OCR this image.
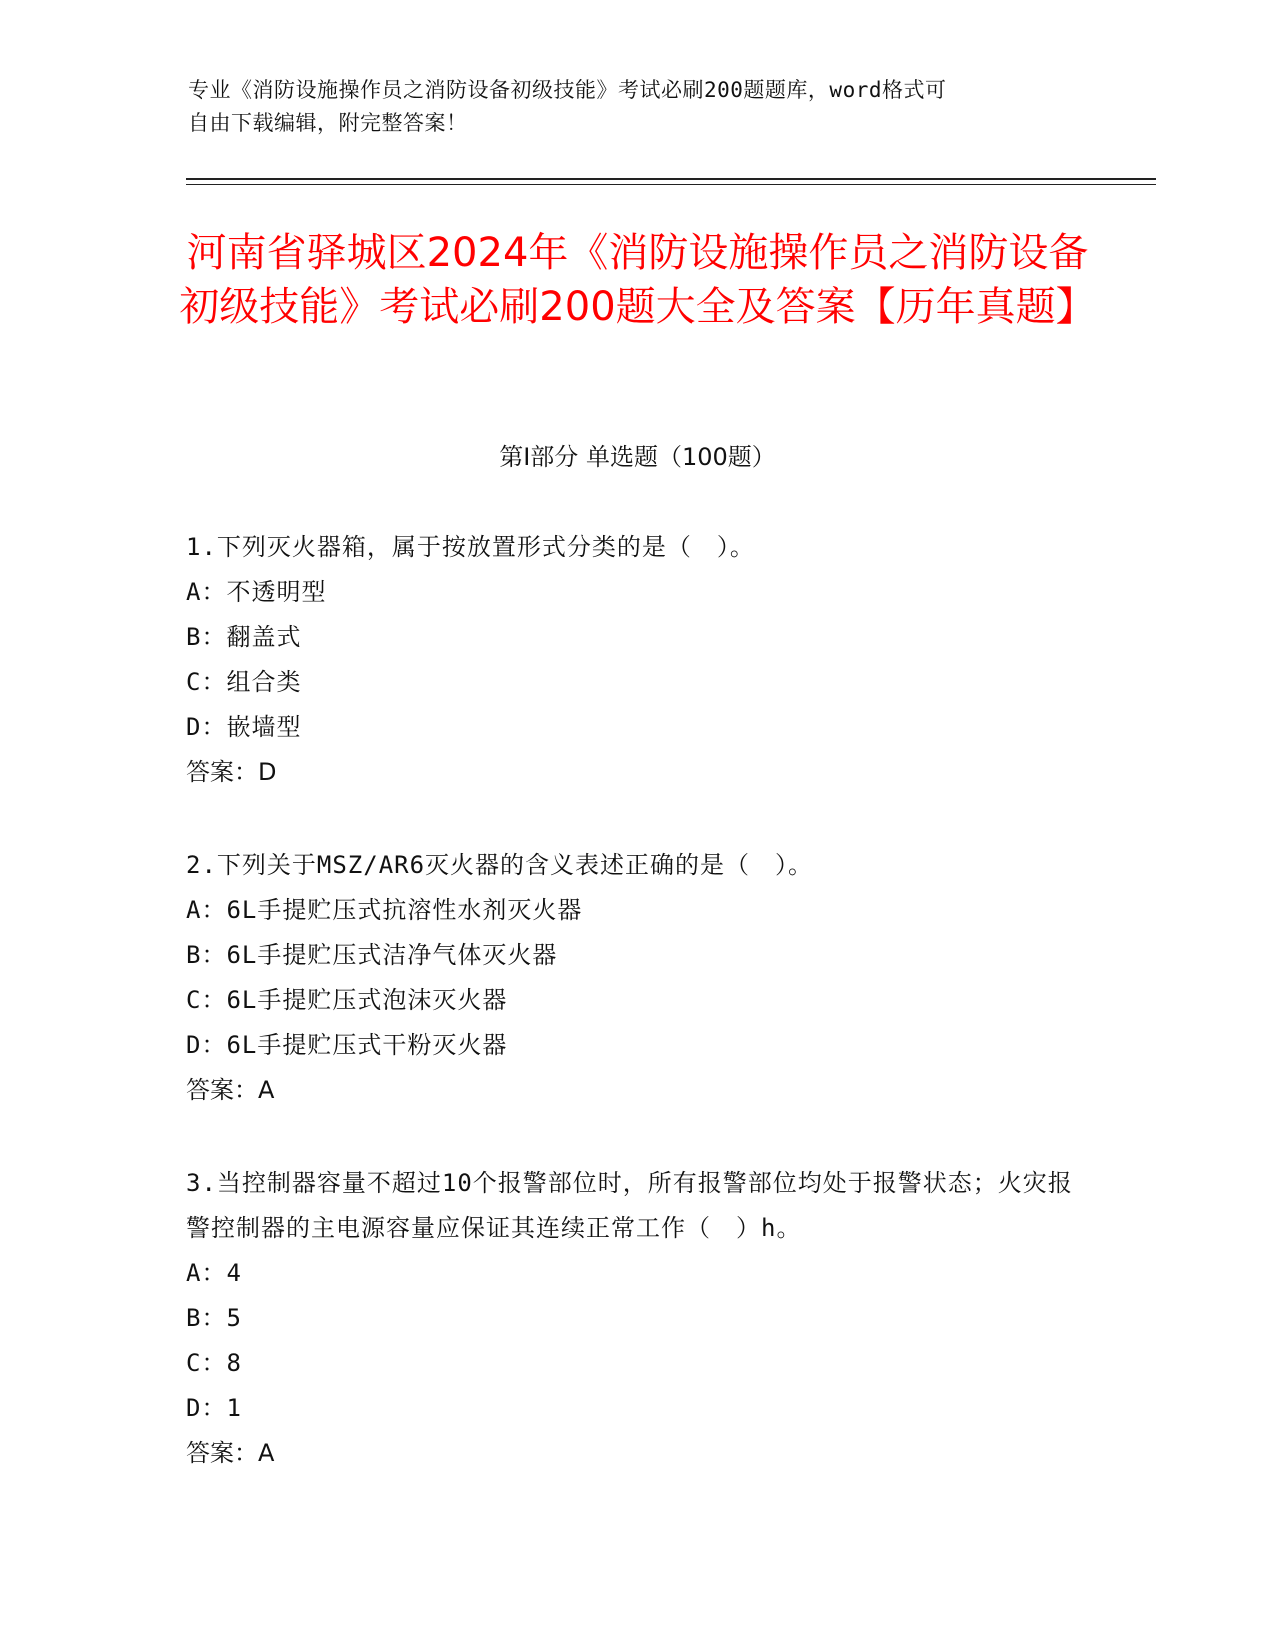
专业《消防设施操作员之消防设备初级技能》考试必刷200题题库，word格式可
自由下载编辑，附完整答案！
河南省驿城区2024年《消防设施操作员之消防设备初级技能》考试必刷200题大全及答案【历年真题】
第I部分 单选题（100题）
1.下列灭火器箱，属于按放置形式分类的是（　）。
A：不透明型
B：翻盖式
C：组合类
D：嵌墙型
答案：D
2.下列关于MSZ/AR6灭火器的含义表述正确的是（　）。
A：6L手提贮压式抗溶性水剂灭火器
B：6L手提贮压式洁净气体灭火器
C：6L手提贮压式泡沫灭火器
D：6L手提贮压式干粉灭火器
答案：A
3.当控制器容量不超过10个报警部位时，所有报警部位均处于报警状态；火灾报警控制器的主电源容量应保证其连续正常工作（　）h。
A：4
B：5
C：8
D：1
答案：A
